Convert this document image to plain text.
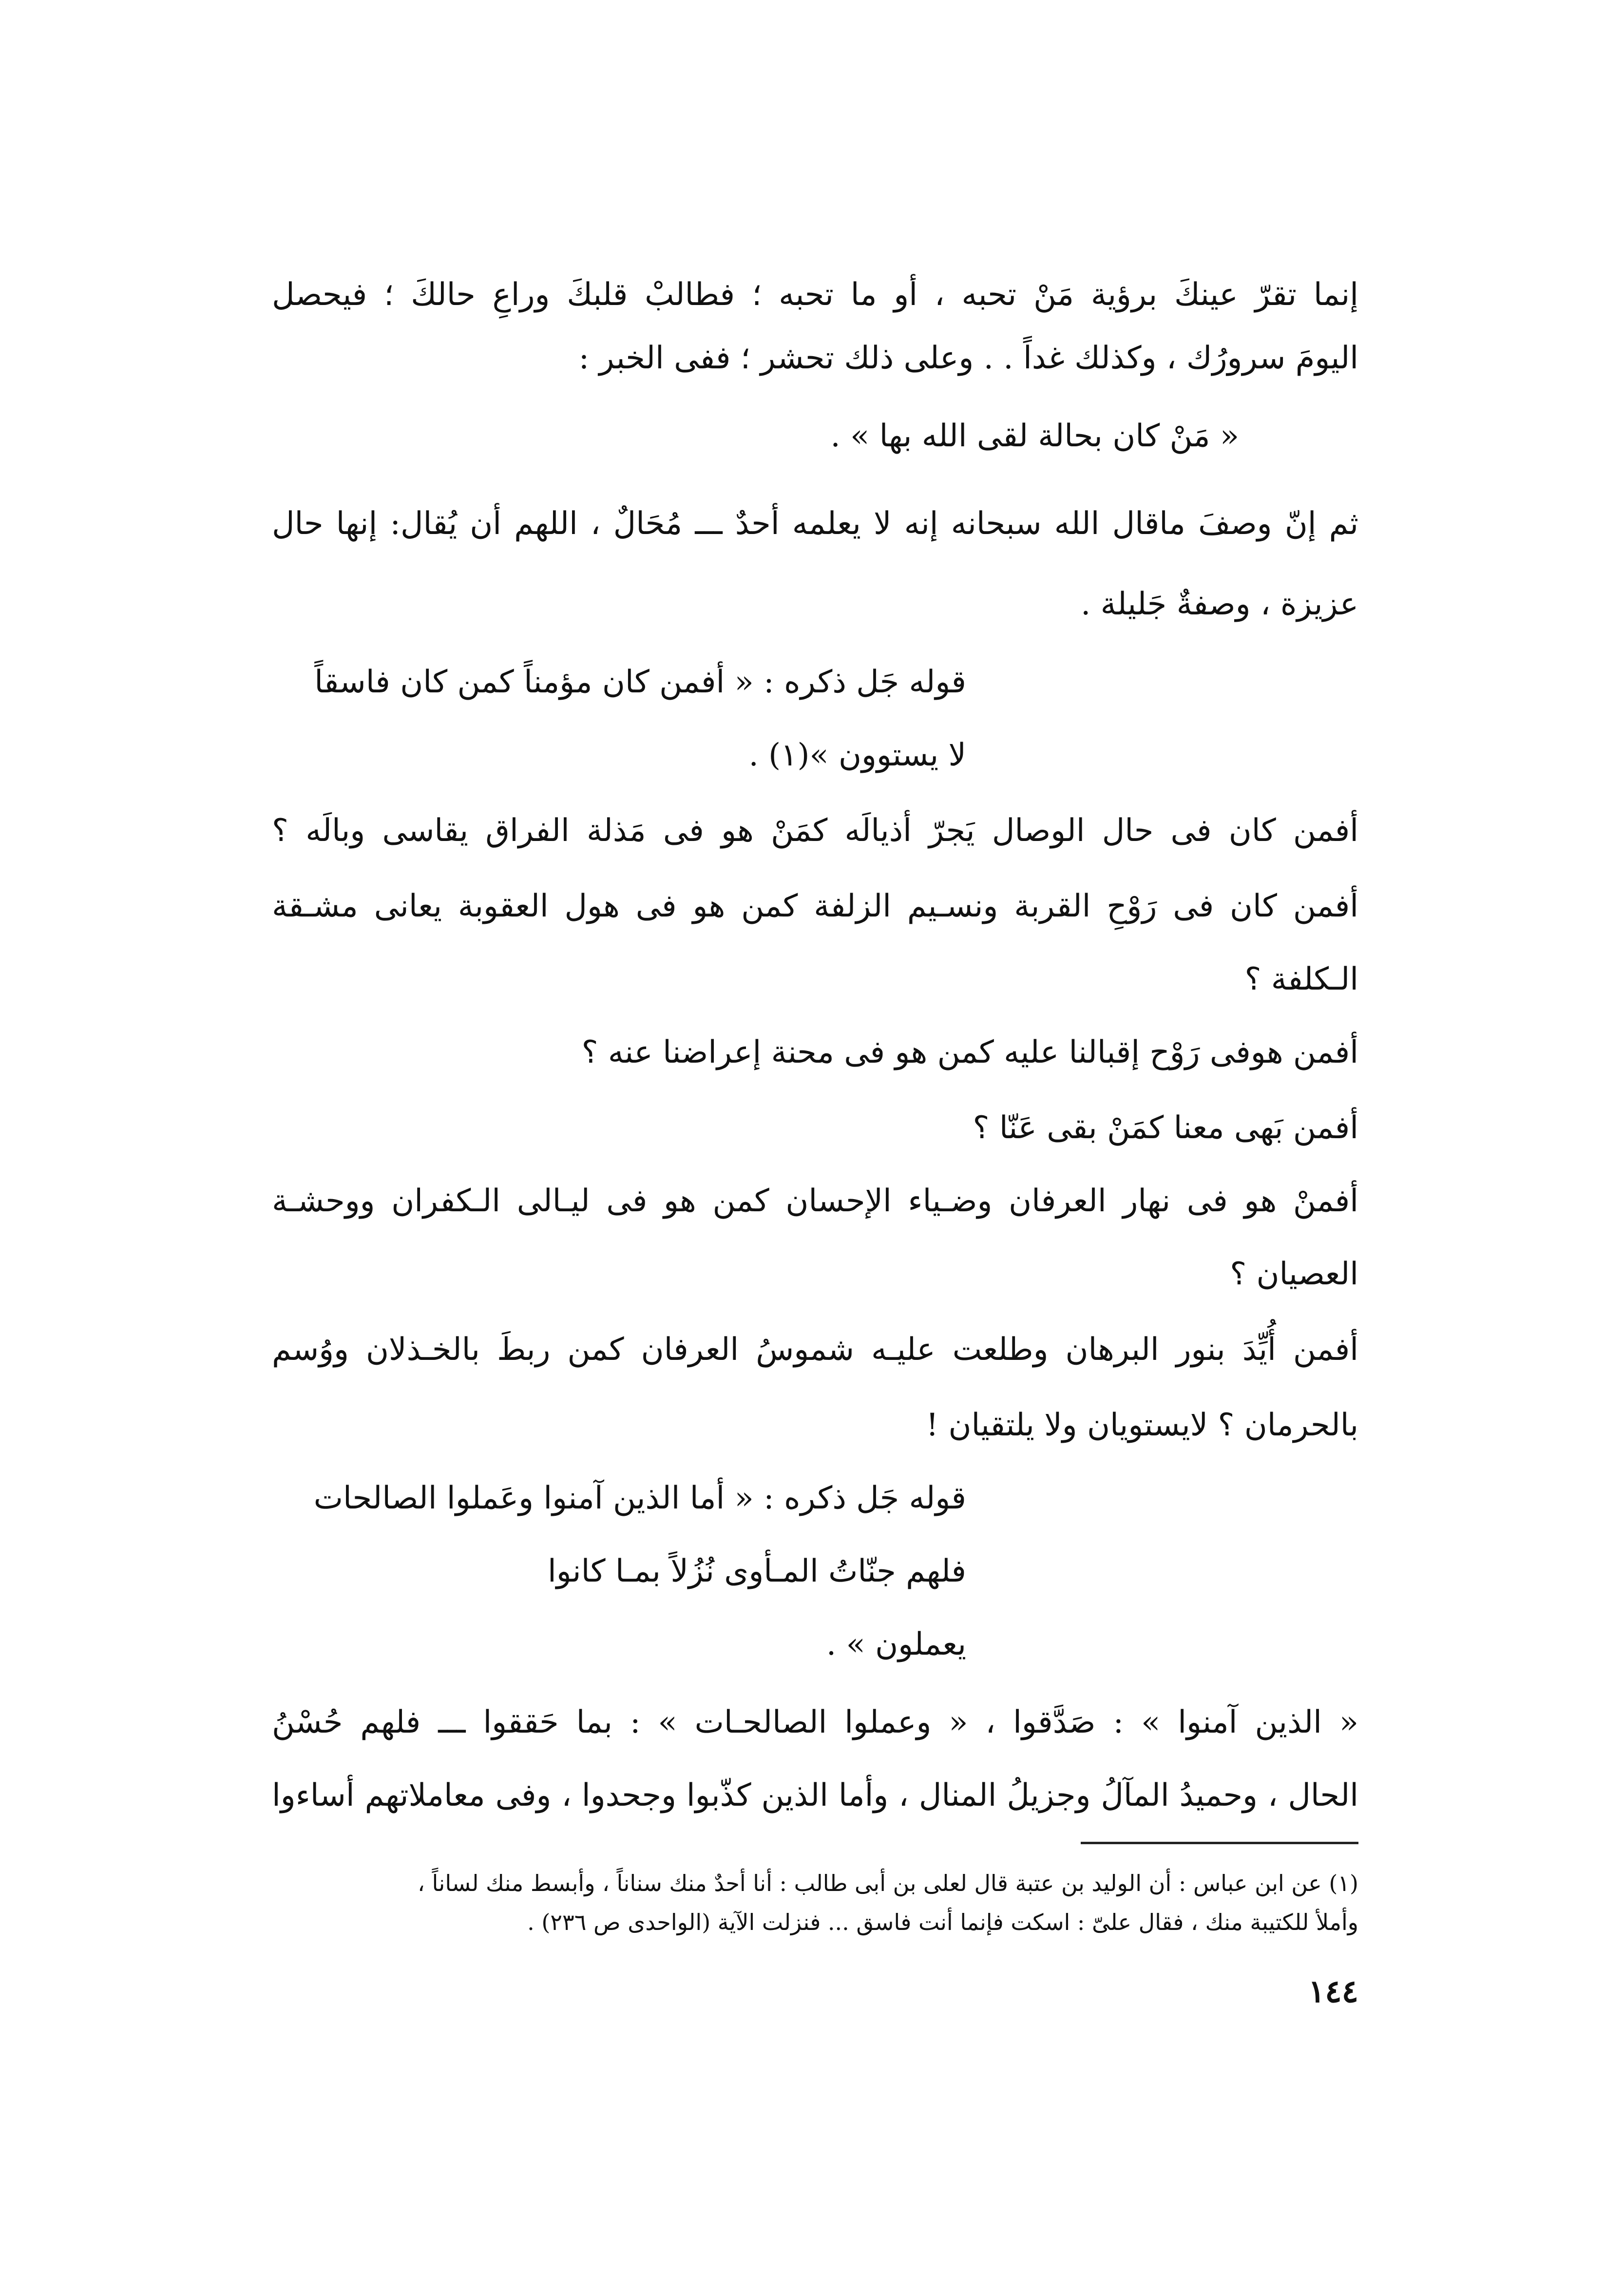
إنما تقرّ عينكَ برؤية مَنْ تحبه ، أو ما تحبه ؛ فطالبْ قلبكَ وراعِ حالكَ ؛ فيحصل
اليومَ سرورُك ، وكذلك غداً . . وعلى ذلك تحشر ؛ ففى الخبر :
« مَنْ كان بحالة لقى الله بها » .
ثم إنّ وصفَ ماقال الله سبحانه إنه لا يعلمه أحدٌ ـــ مُحَالٌ ، اللهم أن يُقال: إنها حال
عزيزة ، وصفةٌ جَليلة .
قوله جَل ذكره : « أفمن كان مؤمناً كمن كان فاسقاً
لا يستوون »(١) .
أفمن كان فى حال الوصال يَجرّ أذيالَه كمَنْ هو فى مَذلة الفراق يقاسى وبالَه ؟
أفمن كان فى رَوْحِ القربة ونسـيم الزلفة كمن هو فى هول العقوبة يعانى مشـقة
الـكلفة ؟
أفمن هوفى رَوْح إقبالنا عليه كمن هو فى محنة إعراضنا عنه ؟
أفمن بَهى معنا كمَنْ بقى عَنّا ؟
أفمنْ هو فى نهار العرفان وضـياء الإحسان كمن هو فى ليـالى الـكفران ووحشـة
العصيان ؟
أفمن أُيِّدَ بنور البرهان وطلعت عليـه شموسُ العرفان كمن ربطَ بالخـذلان ووُسم
بالحرمان ؟ لايستويان ولا يلتقيان !
قوله جَل ذكره : « أما الذين آمنوا وعَملوا الصالحات
فلهم جنّاتُ المـأوى نُزُلاً بمـا كانوا
يعملون » .
« الذين آمنوا » : صَدَّقوا ، « وعملوا الصالحـات » : بما حَققوا ـــ فلهم حُسْنُ
الحال ، وحميدُ المآلُ وجزيلُ المنال ، وأما الذين كذّبوا وجحدوا ، وفى معاملاتهم أساءوا
(١) عن ابن عباس : أن الوليد بن عتبة قال لعلى بن أبى طالب : أنا أحدٌ منك سناناً ، وأبسط منك لساناً ،
وأملأ للكتيبة منك ، فقال علىّ : اسكت فإنما أنت فاسق ... فنزلت الآية (الواحدى ص ٢٣٦) .
١٤٤
